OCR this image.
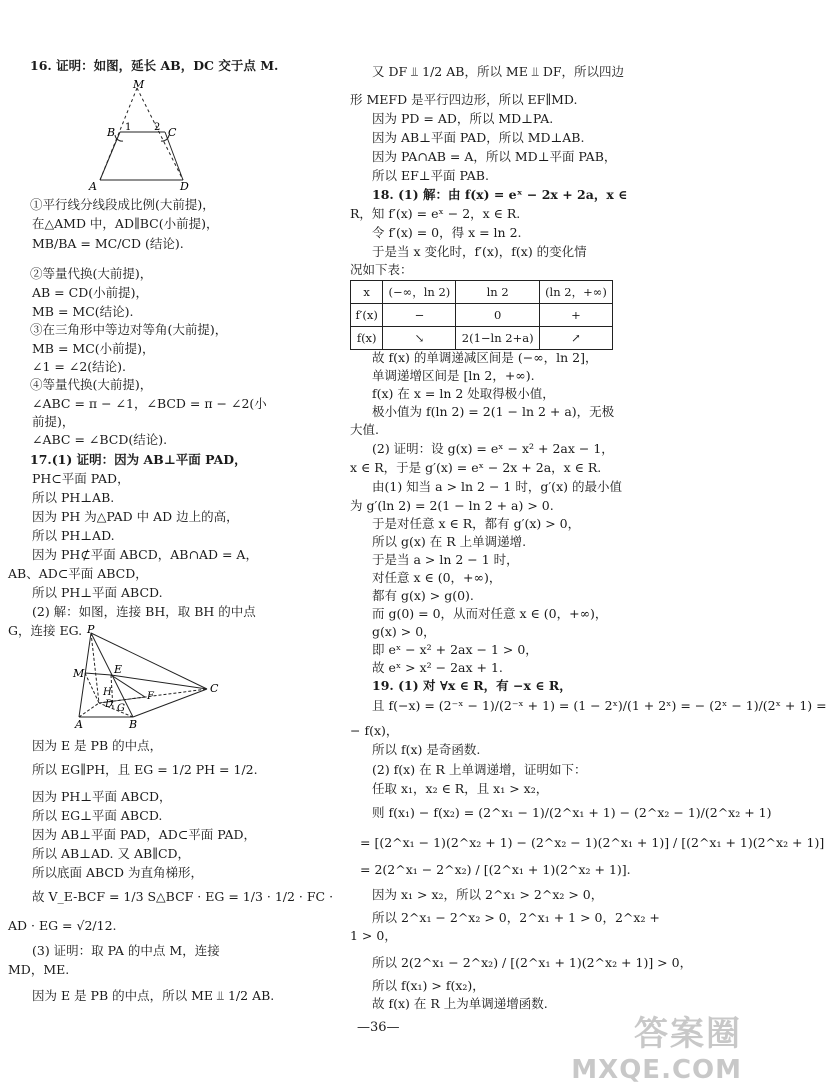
16. 证明：如图，延长 AB，DC 交于点 M.
M
B	C
1 2
A	D
①平行线分线段成比例(大前提)，
在△AMD 中，AD∥BC(小前提)，
MB/BA = MC/CD (结论).
②等量代换(大前提)，
AB = CD(小前提)，
MB = MC(结论).
③在三角形中等边对等角(大前提)，
MB = MC(小前提)，
∠1 = ∠2(结论).
④等量代换(大前提)，
∠ABC = π − ∠1，∠BCD = π − ∠2(小
前提)，
∠ABC = ∠BCD(结论).
17.(1) 证明：因为 AB⊥平面 PAD，
PH⊂平面 PAD，
所以 PH⊥AB.
因为 PH 为△PAD 中 AD 边上的高，
所以 PH⊥AD.
因为 PH⊄平面 ABCD，AB∩AD = A，
AB、AD⊂平面 ABCD，
所以 PH⊥平面 ABCD.
(2) 解：如图，连接 BH，取 BH 的中点
G，连接 EG. P
M	E
H
D G
F
A	B
C
因为 E 是 PB 的中点，
所以 EG∥PH，且 EG = 1/2 PH = 1/2.
因为 PH⊥平面 ABCD，
所以 EG⊥平面 ABCD.
因为 AB⊥平面 PAD，AD⊂平面 PAD，
所以 AB⊥AD. 又 AB∥CD，
所以底面 ABCD 为直角梯形，
故 V_E-BCF = 1/3 S△BCF · EG = 1/3 · 1/2 · FC ·
AD · EG = √2/12.
(3) 证明：取 PA 的中点 M，连接
MD，ME.
因为 E 是 PB 的中点，所以 ME ⫫ 1/2 AB.
又 DF ⫫ 1/2 AB，所以 ME ⫫ DF，所以四边
形 MEFD 是平行四边形，所以 EF∥MD.
因为 PD = AD，所以 MD⊥PA.
因为 AB⊥平面 PAD，所以 MD⊥AB.
因为 PA∩AB = A，所以 MD⊥平面 PAB，
所以 EF⊥平面 PAB.
18. (1) 解：由 f(x) = eˣ − 2x + 2a，x ∈
R，知 f′(x) = eˣ − 2，x ∈ R.
令 f′(x) = 0，得 x = ln 2.
于是当 x 变化时，f′(x)，f(x) 的变化情
况如下表：
x	(−∞，ln 2)	ln 2	(ln 2，+∞)
f′(x)	−	0	+
f(x)	↘	2(1−ln 2+a)	↗
故 f(x) 的单调递减区间是 (−∞，ln 2]，
单调递增区间是 [ln 2，+∞).
f(x) 在 x = ln 2 处取得极小值，
极小值为 f(ln 2) = 2(1 − ln 2 + a)，无极
大值.
(2) 证明：设 g(x) = eˣ − x² + 2ax − 1，
x ∈ R，于是 g′(x) = eˣ − 2x + 2a，x ∈ R.
由(1) 知当 a > ln 2 − 1 时，g′(x) 的最小值
为 g′(ln 2) = 2(1 − ln 2 + a) > 0.
于是对任意 x ∈ R，都有 g′(x) > 0，
所以 g(x) 在 R 上单调递增.
于是当 a > ln 2 − 1 时，
对任意 x ∈ (0，+∞)，
都有 g(x) > g(0).
而 g(0) = 0，从而对任意 x ∈ (0，+∞)，
g(x) > 0，
即 eˣ − x² + 2ax − 1 > 0，
故 eˣ > x² − 2ax + 1.
19. (1) 对 ∀x ∈ R，有 −x ∈ R，
且 f(−x) = (2⁻ˣ − 1)/(2⁻ˣ + 1) = (1 − 2ˣ)/(1 + 2ˣ) = − (2ˣ − 1)/(2ˣ + 1) =
− f(x)，
所以 f(x) 是奇函数.
(2) f(x) 在 R 上单调递增，证明如下：
任取 x₁，x₂ ∈ R，且 x₁ > x₂，
则 f(x₁) − f(x₂) = (2^x₁ − 1)/(2^x₁ + 1) − (2^x₂ − 1)/(2^x₂ + 1)
= [(2^x₁ − 1)(2^x₂ + 1) − (2^x₂ − 1)(2^x₁ + 1)] / [(2^x₁ + 1)(2^x₂ + 1)]
= 2(2^x₁ − 2^x₂) / [(2^x₁ + 1)(2^x₂ + 1)].
因为 x₁ > x₂，所以 2^x₁ > 2^x₂ > 0，
所以 2^x₁ − 2^x₂ > 0，2^x₁ + 1 > 0，2^x₂ +
1 > 0，
所以 2(2^x₁ − 2^x₂) / [(2^x₁ + 1)(2^x₂ + 1)] > 0，
所以 f(x₁) > f(x₂)，
故 f(x) 在 R 上为单调递增函数.
—36—	答案圈
MXQE.COM
